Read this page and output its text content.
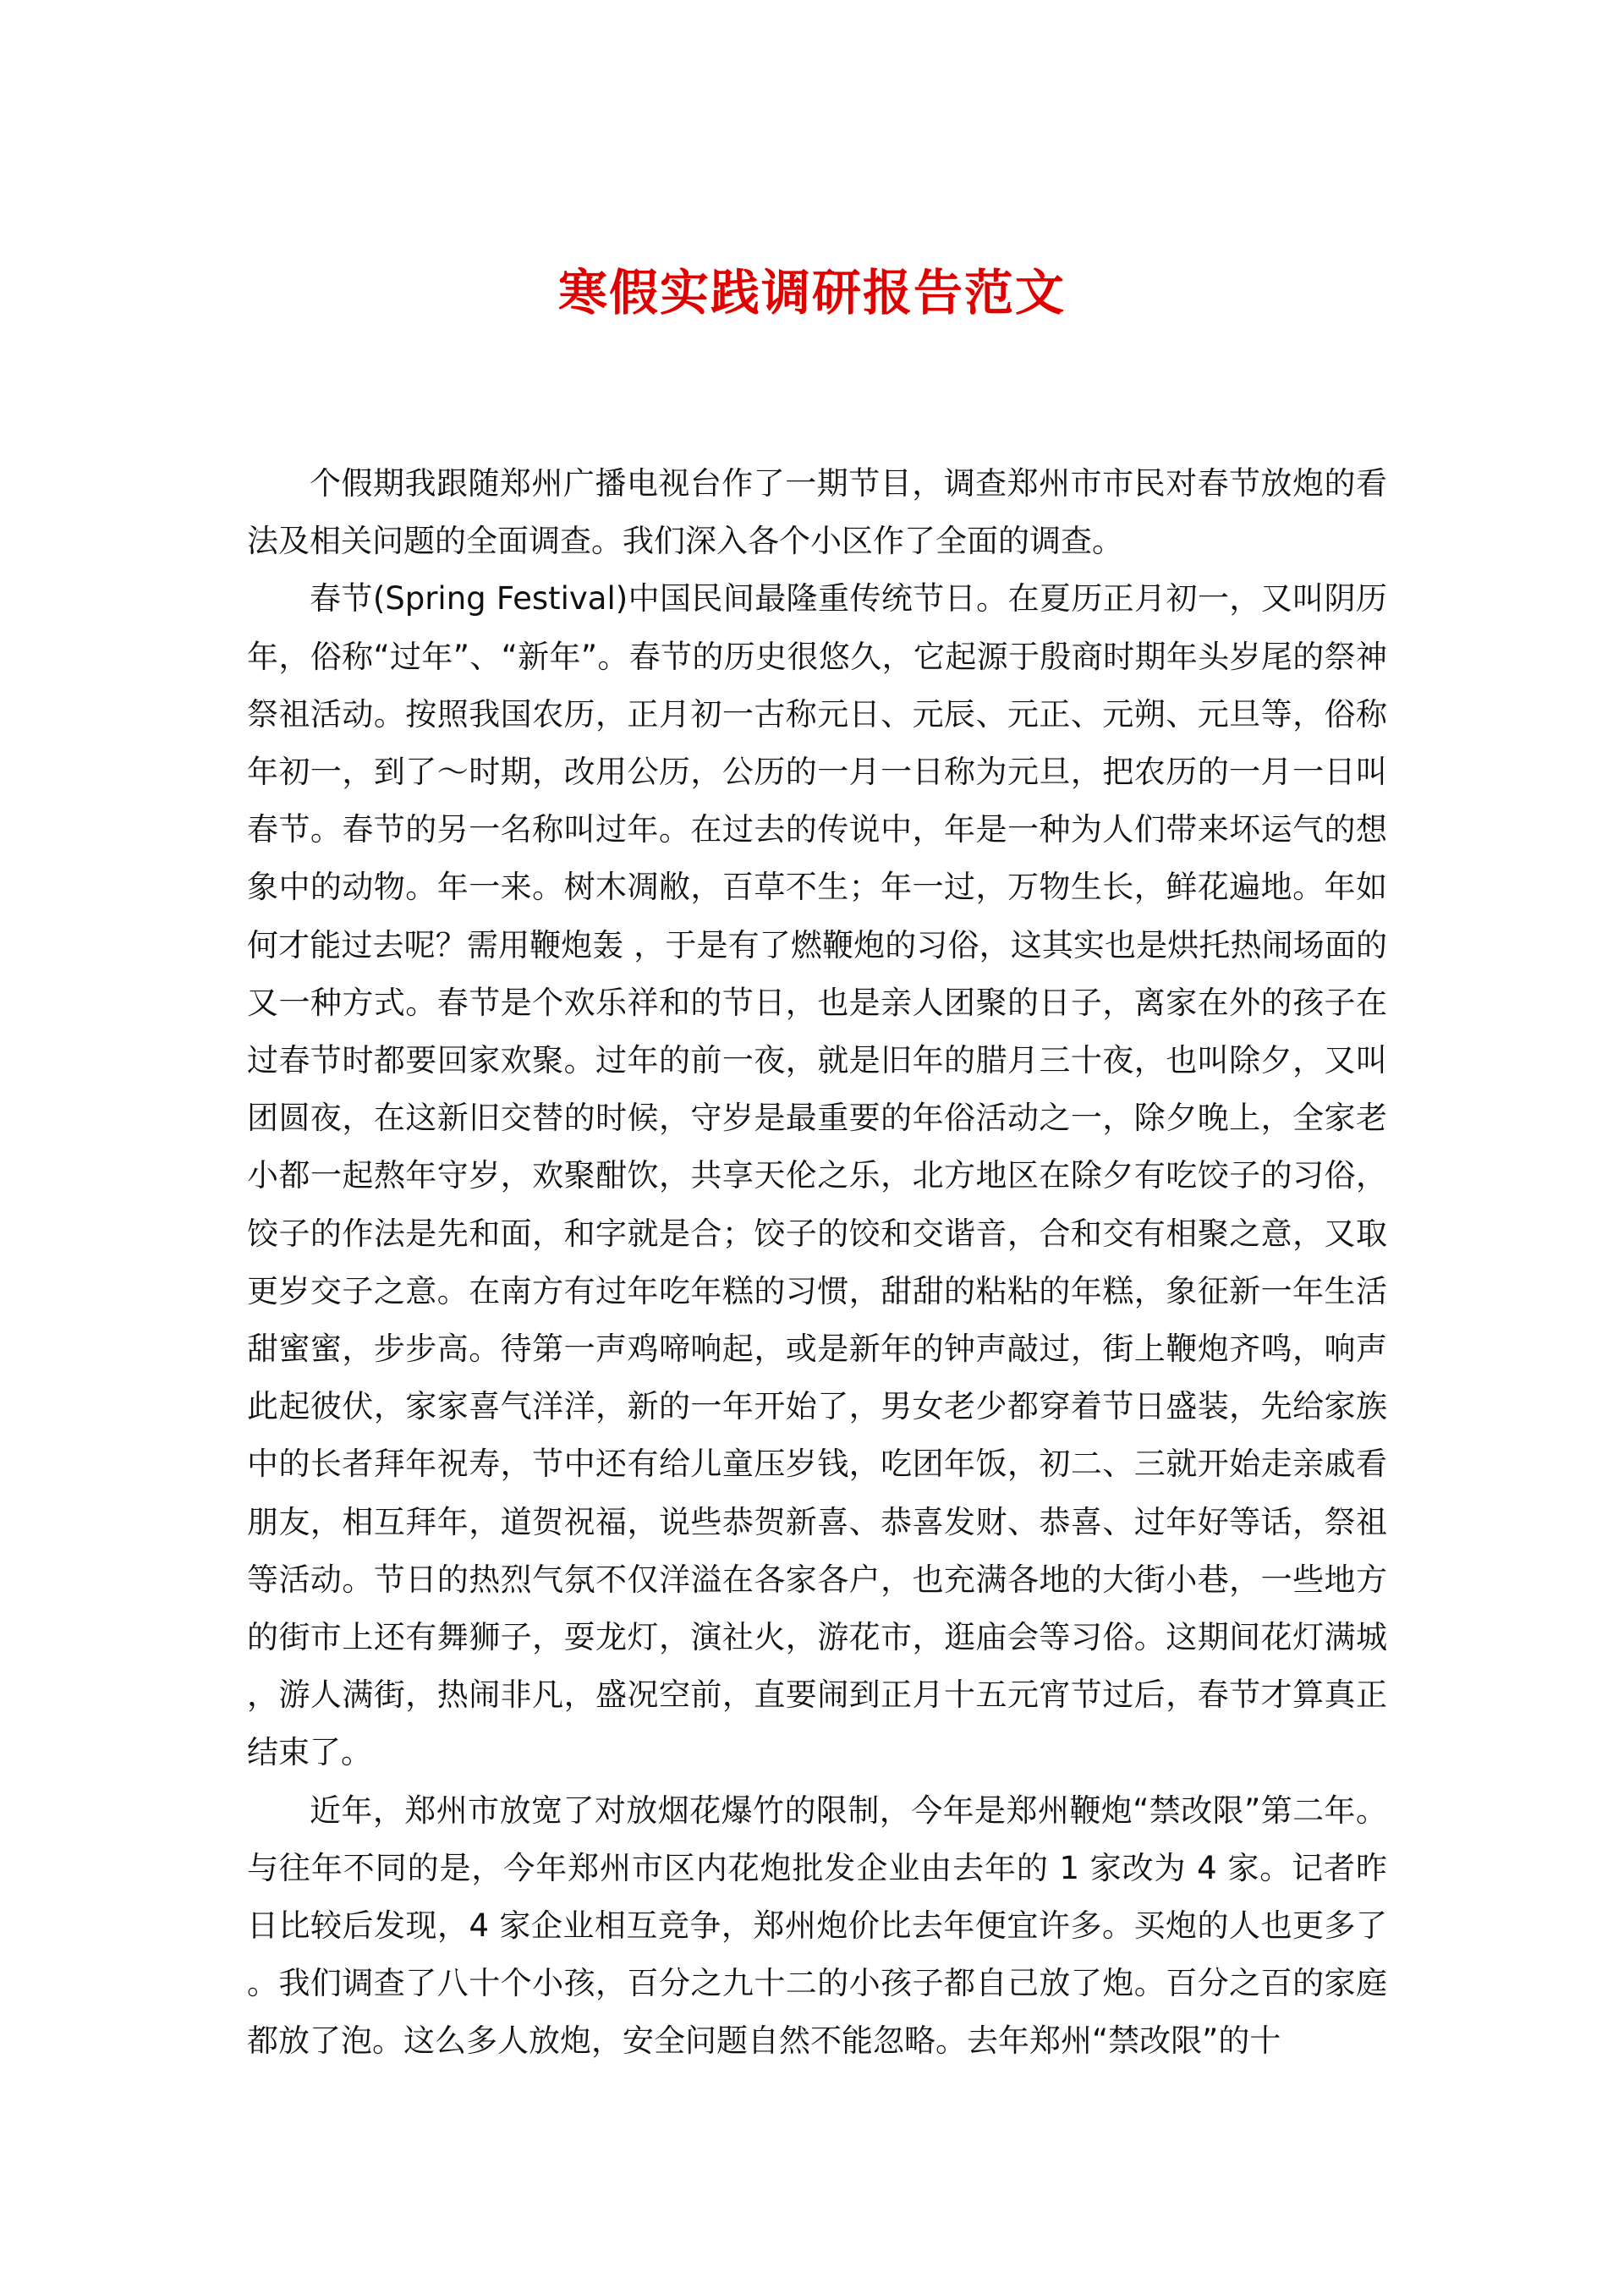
寒假实践调研报告范文

个假期我跟随郑州广播电视台作了一期节目，调查郑州市市民对春节放炮的看法及相关问题的全面调查。我们深入各个小区作了全面的调查。

春节(Spring Festival)中国民间最隆重传统节日。在夏历正月初一，又叫阴历年，俗称“过年”、“新年”。春节的历史很悠久，它起源于殷商时期年头岁尾的祭神祭祖活动。按照我国农历，正月初一古称元日、元辰、元正、元朔、元旦等，俗称年初一，到了～时期，改用公历，公历的一月一日称为元旦，把农历的一月一日叫春节。春节的另一名称叫过年。在过去的传说中，年是一种为人们带来坏运气的想象中的动物。年一来。树木凋敝，百草不生；年一过，万物生长，鲜花遍地。年如何才能过去呢？需用鞭炮轰 ，于是有了燃鞭炮的习俗，这其实也是烘托热闹场面的又一种方式。春节是个欢乐祥和的节日，也是亲人团聚的日子，离家在外的孩子在过春节时都要回家欢聚。过年的前一夜，就是旧年的腊月三十夜，也叫除夕，又叫团圆夜，在这新旧交替的时候，守岁是最重要的年俗活动之一，除夕晚上，全家老小都一起熬年守岁，欢聚酣饮，共享天伦之乐，北方地区在除夕有吃饺子的习俗，饺子的作法是先和面，和字就是合；饺子的饺和交谐音，合和交有相聚之意，又取更岁交子之意。在南方有过年吃年糕的习惯，甜甜的粘粘的年糕，象征新一年生活甜蜜蜜，步步高。待第一声鸡啼响起，或是新年的钟声敲过，街上鞭炮齐鸣，响声此起彼伏，家家喜气洋洋，新的一年开始了，男女老少都穿着节日盛装，先给家族中的长者拜年祝寿，节中还有给儿童压岁钱，吃团年饭，初二、三就开始走亲戚看朋友，相互拜年，道贺祝福，说些恭贺新喜、恭喜发财、恭喜、过年好等话，祭祖等活动。节日的热烈气氛不仅洋溢在各家各户，也充满各地的大街小巷，一些地方的街市上还有舞狮子，耍龙灯，演社火，游花市，逛庙会等习俗。这期间花灯满城，游人满街，热闹非凡，盛况空前，直要闹到正月十五元宵节过后，春节才算真正结束了。

近年，郑州市放宽了对放烟花爆竹的限制，今年是郑州鞭炮“禁改限”第二年。与往年不同的是，今年郑州市区内花炮批发企业由去年的 1 家改为 4 家。记者昨日比较后发现，4 家企业相互竞争，郑州炮价比去年便宜许多。买炮的人也更多了。我们调查了八十个小孩，百分之九十二的小孩子都自己放了炮。百分之百的家庭都放了泡。这么多人放炮，安全问题自然不能忽略。去年郑州“禁改限”的十
